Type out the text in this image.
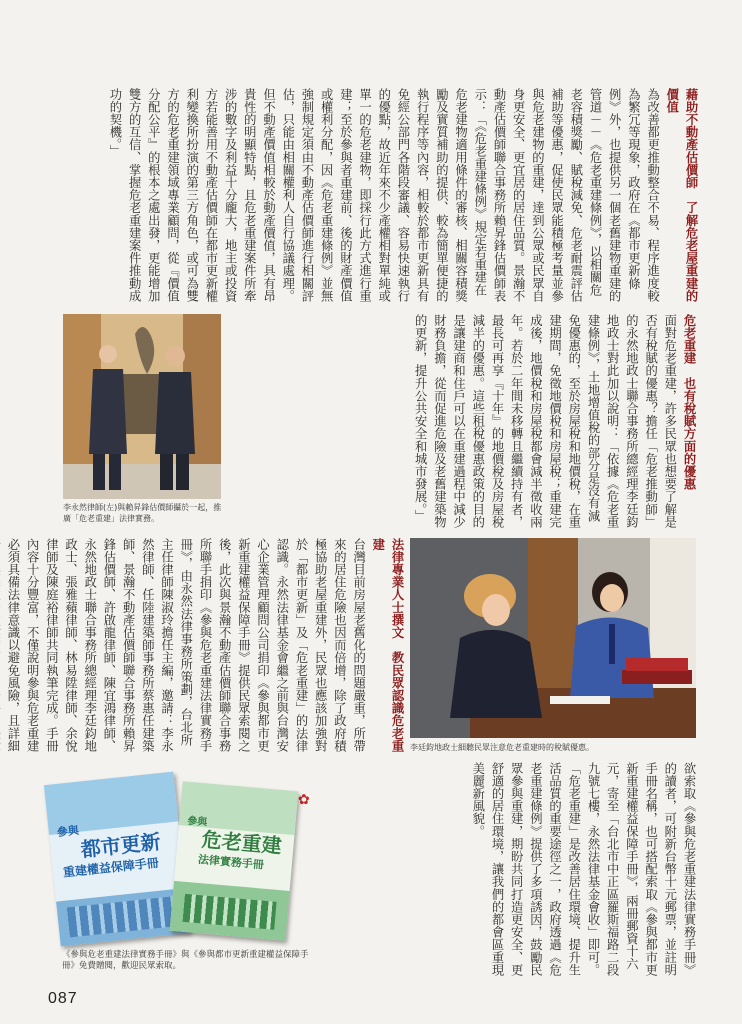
藉助不動產估價師　了解危老屋重建的價值
為改善都更推動整合不易、程序進度較為繁冗等現象，政府在《都市更新條例》外，也提供另一個老舊建物重建的管道－－《危老重建條例》，以相關危老容積獎勵、賦稅減免、危老耐震評估補助等優惠，促使民眾能積極考量並參與危老建物的重建，達到公眾或民眾自身更安全、更宜居的居住品質。景瀚不動產估價師聯合事務所賴昇鋒估價師表示：「《危老重建條例》規定若重建在危老建物適用條件的審核、相關容積獎勵及實質補助的提供、較為簡單便捷的執行程序等內容，相較於都市更新具有免經公部門各階段審議、容易快速執行的優點，故近年來不少產權相對單純或單一的危老建物，即採行此方式進行重建；至於參與者重建前、後的財產價值或權利分配，因《危老重建條例》並無強制規定須由不動產估價師進行相關評估，只能由相關權利人自行協議處理。但不動產價值相較於動產價值，具有昂貴性的明顯特點，且危老重建案件所牽涉的數字及利益十分龐大，地主或投資方若能善用不動產估價師在都市更新權利變換所扮演的第三方角色，或可為雙方的危老重建領域專業顧問，從『價值分配公平』的根本之處出發，更能增加雙方的互信、掌握危老重建案件推動成功的契機。」
李永然律師(左)與賴昇鋒估價師攝於一起，推廣「危老重建」法律實務。
危老重建　也有稅賦方面的優惠
面對危老重建，許多民眾也想要了解是否有稅賦的優惠？擔任「危老推動師」的永然地政士聯合事務所總經理李廷鈞地政士對此加以說明：「依據《危老重建條例》，土地增值稅的部分是沒有減免優惠的，至於房屋稅和地價稅，在重建期間，免徵地價稅和房屋稅；重建完成後，地價稅和房屋稅都會減半徵收兩年。若於二年間未移轉且繼續持有者，最長可再享『十年』的地價稅及房屋稅減半的優惠。這些租稅優惠政策的目的是讓建商和住戶可以在重建過程中減少財務負擔，從而促進危險及老舊建築物的更新，提升公共安全和城市發展。」
法律專業人士撰文　教民眾認識危老重建
台灣目前房屋老舊化的問題嚴重，所帶來的居住危險也因而倍增，除了政府積極協助老屋重建外，民眾也應該加強對於「都市更新」及「危老重建」的法律認識。永然法律基金會繼之前與台灣安心企業管理顧問公司捐印《參與都市更新重建權益保障手冊》提供民眾索閱之後，此次與景瀚不動產估價師聯合事務所聯手捐印《參與危老重建法律實務手冊》，由永然法律事務所策劃，台北所主任律師陳淑玲擔任主編，邀請：李永然律師、任陸建築師事務所蔡惠任建築師、景瀚不動產估價師聯合事務所賴昇鋒估價師、許啟龍律師、陳宜鴻律師、永然地政士聯合事務所總經理李廷鈞地政士、張雅蘋律師、林易陞律師、余悅律師及陳庭裕律師共同執筆完成。手冊內容十分豐富，不僅說明參與危老重建必須具備法律意識以避免風險，且詳細	李廷鈞地政士細聽民眾注意危老重建時的稅賦優惠。
欲索取《參與危老重建法律實務手冊》的讀者，可附新台幣十元郵票，並註明手冊名稱，也可搭配索取《參與都市更新重建權益保障手冊》，兩冊郵資十六元，寄至「台北市中正區羅斯福路二段九號七樓，永然法律基金會收」即可。
「危老重建」是改善居住環境、提升生活品質的重要途徑之一，政府透過《危老重建條例》提供了多項誘因，鼓勵民眾參與重建，期盼共同打造更安全、更舒適的居住環境，讓我們的都會區重現美麗新風貌。
✿
參與 都市更新
重建權益保障手冊
參與
危老重建
法律實務手冊
《參與危老重建法律實務手冊》與《參與都市更新重建權益保障手冊》免費贈閱，歡迎民眾索取。
087
